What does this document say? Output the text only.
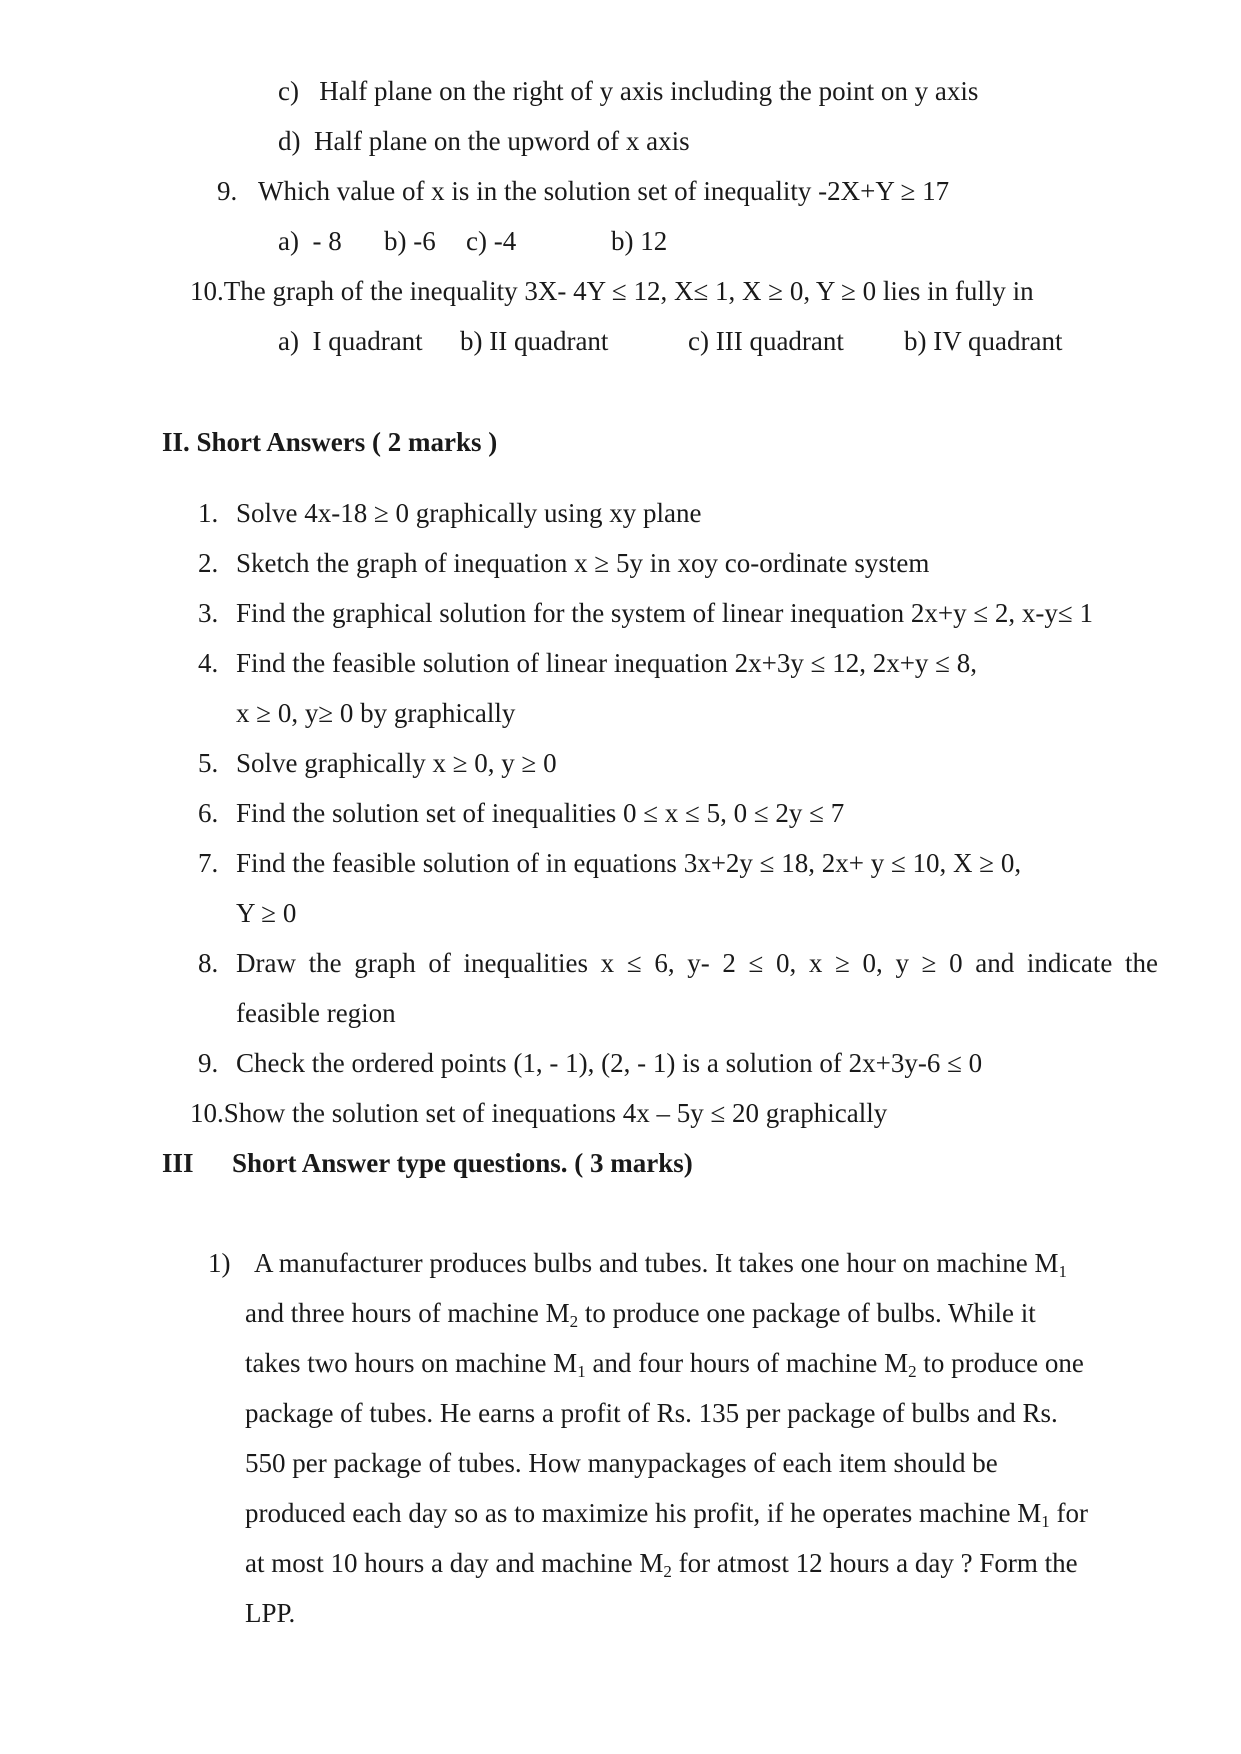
c)   Half plane on the right of y axis including the point on y axis
d)  Half plane on the upword of x axis
9. Which value of x is in the solution set of inequality -2X+Y ≥ 17
a)  - 8 b) -6 c) -4	b) 12
10.The graph of the inequality 3X- 4Y ≤ 12, X≤ 1, X ≥ 0, Y ≥ 0 lies in fully in
a)  I quadrant b) II quadrant	c) III quadrant b) IV quadrant
II. Short Answers ( 2 marks )
1. Solve 4x-18 ≥ 0 graphically using xy plane
2. Sketch the graph of inequation x ≥ 5y in xoy co-ordinate system
3. Find the graphical solution for the system of linear inequation 2x+y ≤ 2, x-y≤ 1
4. Find the feasible solution of linear inequation 2x+3y ≤ 12, 2x+y ≤ 8,
x ≥ 0, y≥ 0 by graphically
5. Solve graphically x ≥ 0, y ≥ 0
6. Find the solution set of inequalities 0 ≤ x ≤ 5, 0 ≤ 2y ≤ 7
7. Find the feasible solution of in equations 3x+2y ≤ 18, 2x+ y ≤ 10, X ≥ 0,
Y ≥ 0
8. Draw the graph of inequalities x ≤ 6, y- 2 ≤ 0, x ≥ 0, y ≥ 0 and indicate the
feasible region
9. Check the ordered points (1, - 1), (2, - 1) is a solution of 2x+3y-6 ≤ 0
10.Show the solution set of inequations 4x – 5y ≤ 20 graphically
III Short Answer type questions. ( 3 marks)
1) A manufacturer produces bulbs and tubes. It takes one hour on machine $M_1$
and three hours of machine $M_2$ to produce one package of bulbs. While it
takes two hours on machine $M_1$ and four hours of machine $M_2$ to produce one
package of tubes. He earns a profit of Rs. 135 per package of bulbs and Rs.
550 per package of tubes. How manypackages of each item should be
produced each day so as to maximize his profit, if he operates machine $M_1$ for
at most 10 hours a day and machine $M_2$ for atmost 12 hours a day ? Form the
LPP.
